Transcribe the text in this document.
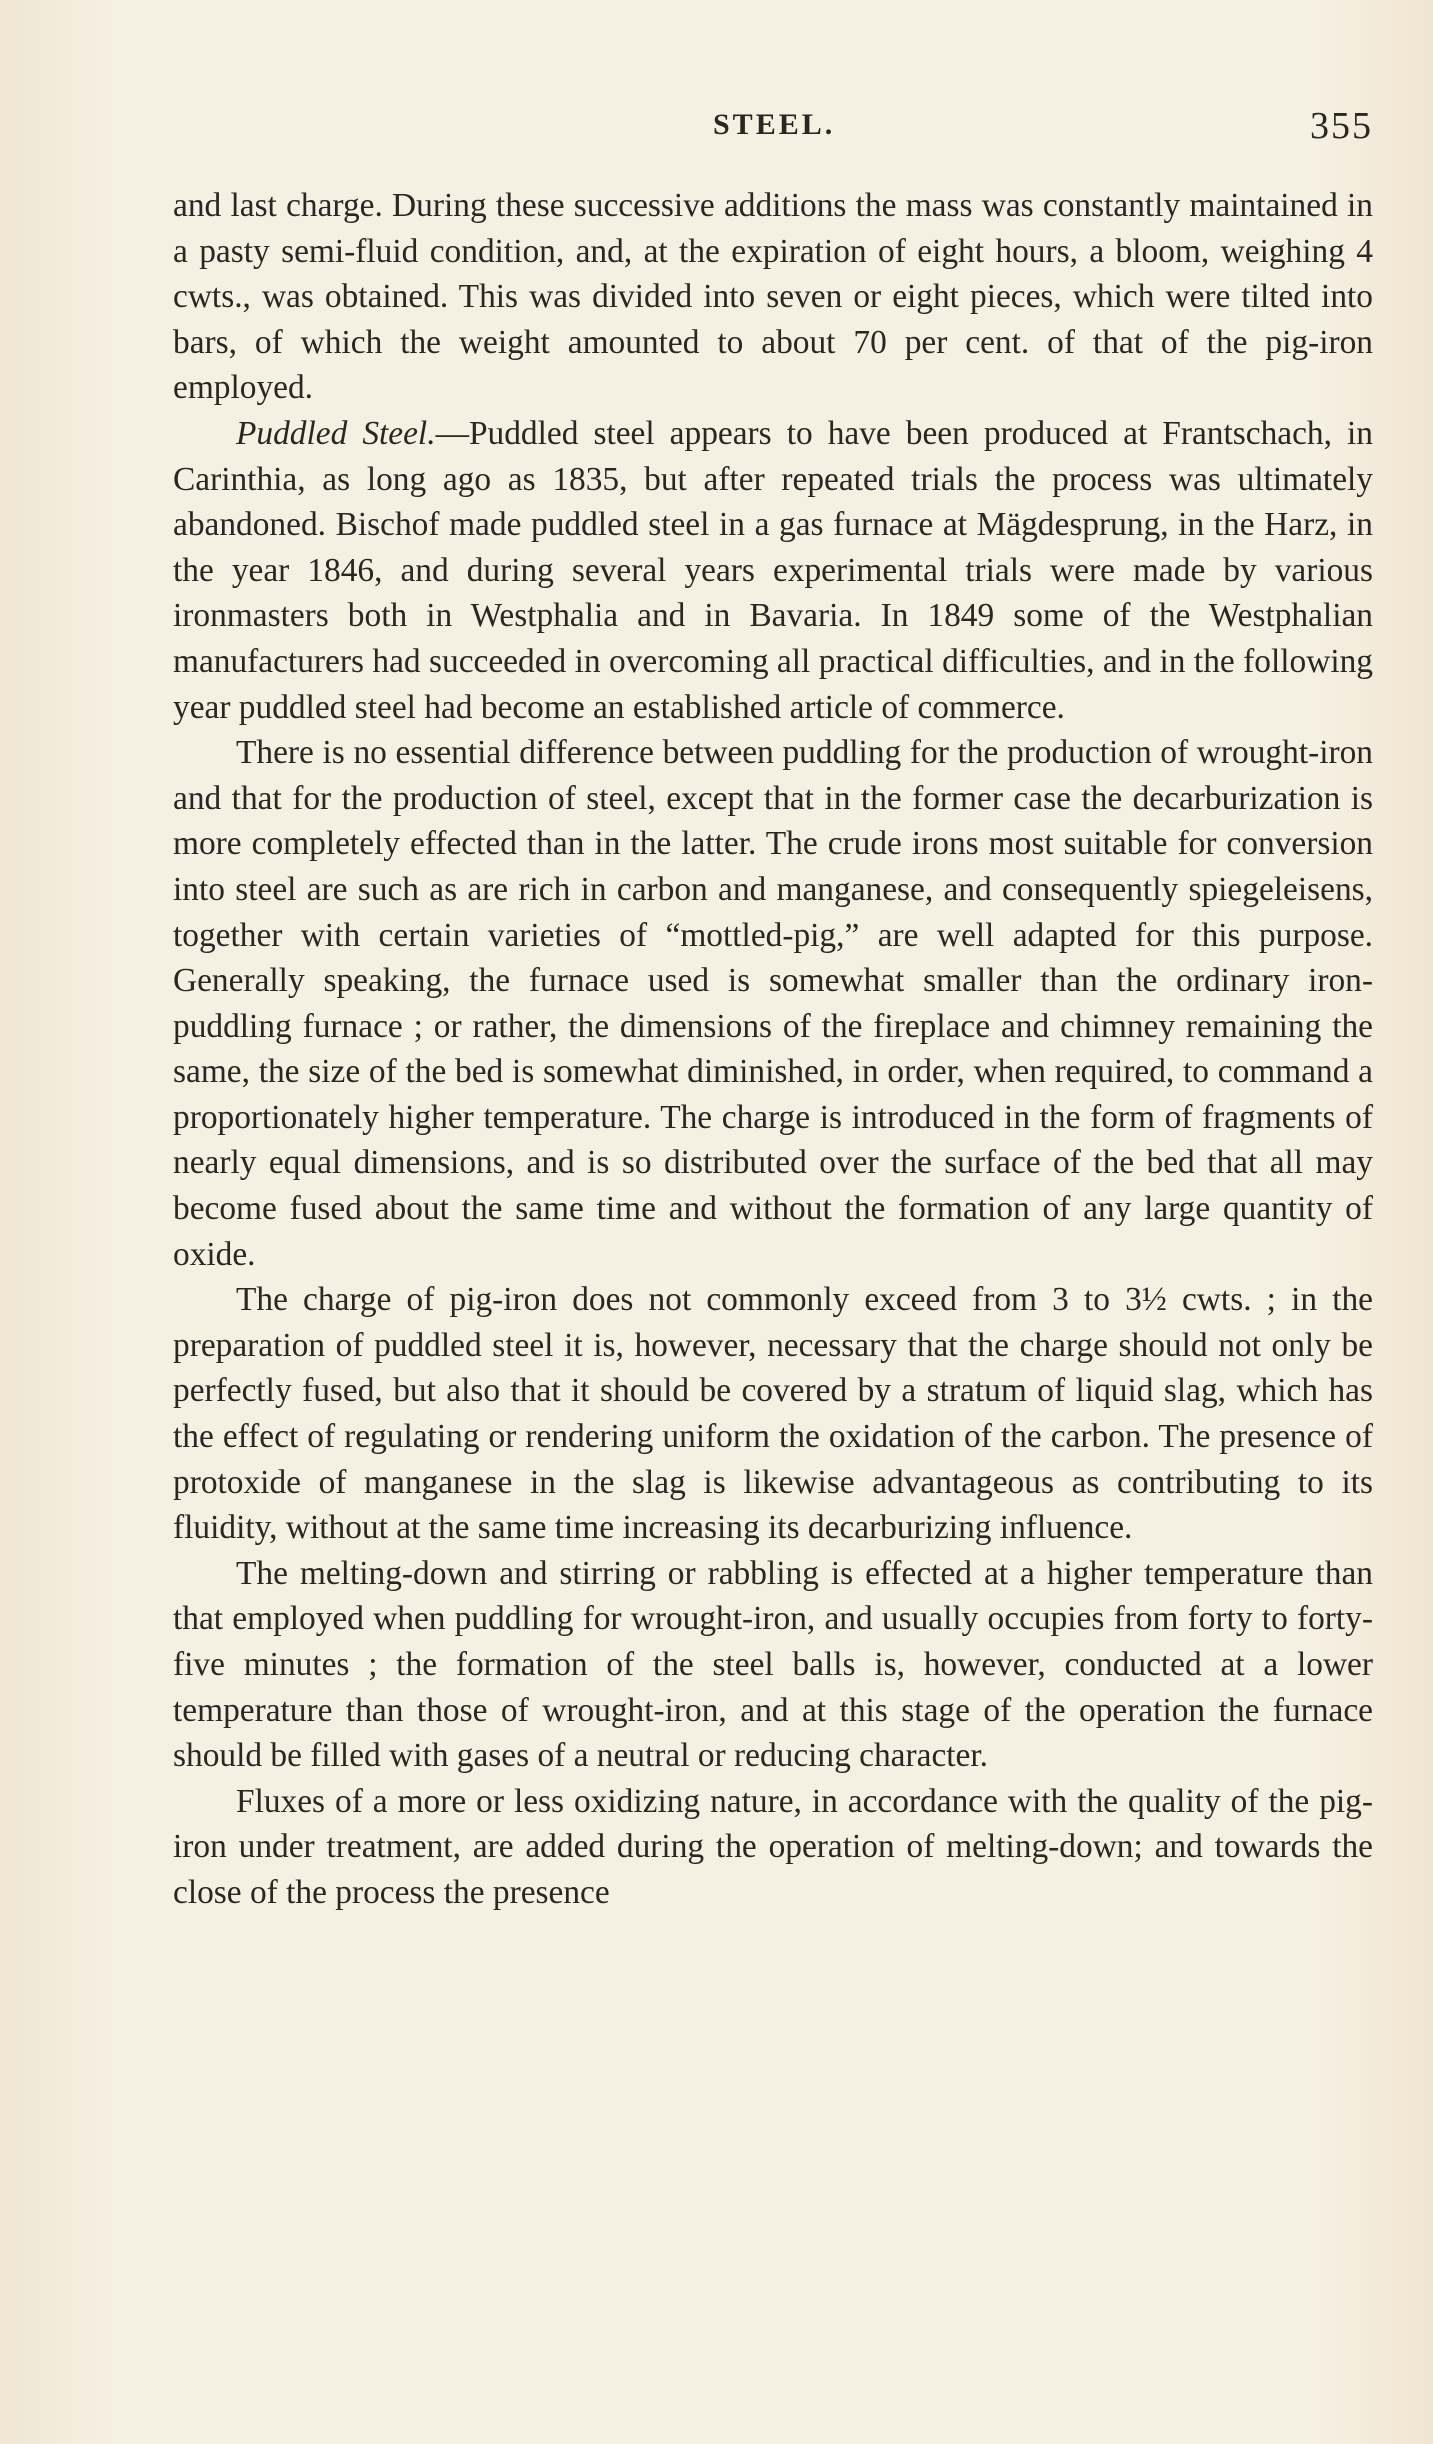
STEEL.	355

and last charge. During these successive additions the mass was constantly maintained in a pasty semi-fluid condition, and, at the expiration of eight hours, a bloom, weighing 4 cwts., was obtained. This was divided into seven or eight pieces, which were tilted into bars, of which the weight amounted to about 70 per cent. of that of the pig-iron employed.

Puddled Steel.—Puddled steel appears to have been produced at Frantschach, in Carinthia, as long ago as 1835, but after repeated trials the process was ultimately abandoned. Bischof made puddled steel in a gas furnace at Mägdesprung, in the Harz, in the year 1846, and during several years experimental trials were made by various ironmasters both in Westphalia and in Bavaria. In 1849 some of the Westphalian manufacturers had succeeded in overcoming all practical difficulties, and in the following year puddled steel had become an established article of commerce.

There is no essential difference between puddling for the production of wrought-iron and that for the production of steel, except that in the former case the decarburization is more completely effected than in the latter. The crude irons most suitable for conversion into steel are such as are rich in carbon and manganese, and consequently spiegeleisens, together with certain varieties of “mottled-pig,” are well adapted for this purpose. Generally speaking, the furnace used is somewhat smaller than the ordinary iron-puddling furnace ; or rather, the dimensions of the fireplace and chimney remaining the same, the size of the bed is somewhat diminished, in order, when required, to command a proportionately higher temperature. The charge is introduced in the form of fragments of nearly equal dimensions, and is so distributed over the surface of the bed that all may become fused about the same time and without the formation of any large quantity of oxide.

The charge of pig-iron does not commonly exceed from 3 to 3½ cwts. ; in the preparation of puddled steel it is, however, necessary that the charge should not only be perfectly fused, but also that it should be covered by a stratum of liquid slag, which has the effect of regulating or rendering uniform the oxidation of the carbon. The presence of protoxide of manganese in the slag is likewise advantageous as contributing to its fluidity, without at the same time increasing its decarburizing influence.

The melting-down and stirring or rabbling is effected at a higher temperature than that employed when puddling for wrought-iron, and usually occupies from forty to forty-five minutes ; the formation of the steel balls is, however, conducted at a lower temperature than those of wrought-iron, and at this stage of the operation the furnace should be filled with gases of a neutral or reducing character.

Fluxes of a more or less oxidizing nature, in accordance with the quality of the pig-iron under treatment, are added during the operation of melting-down; and towards the close of the process the presence
